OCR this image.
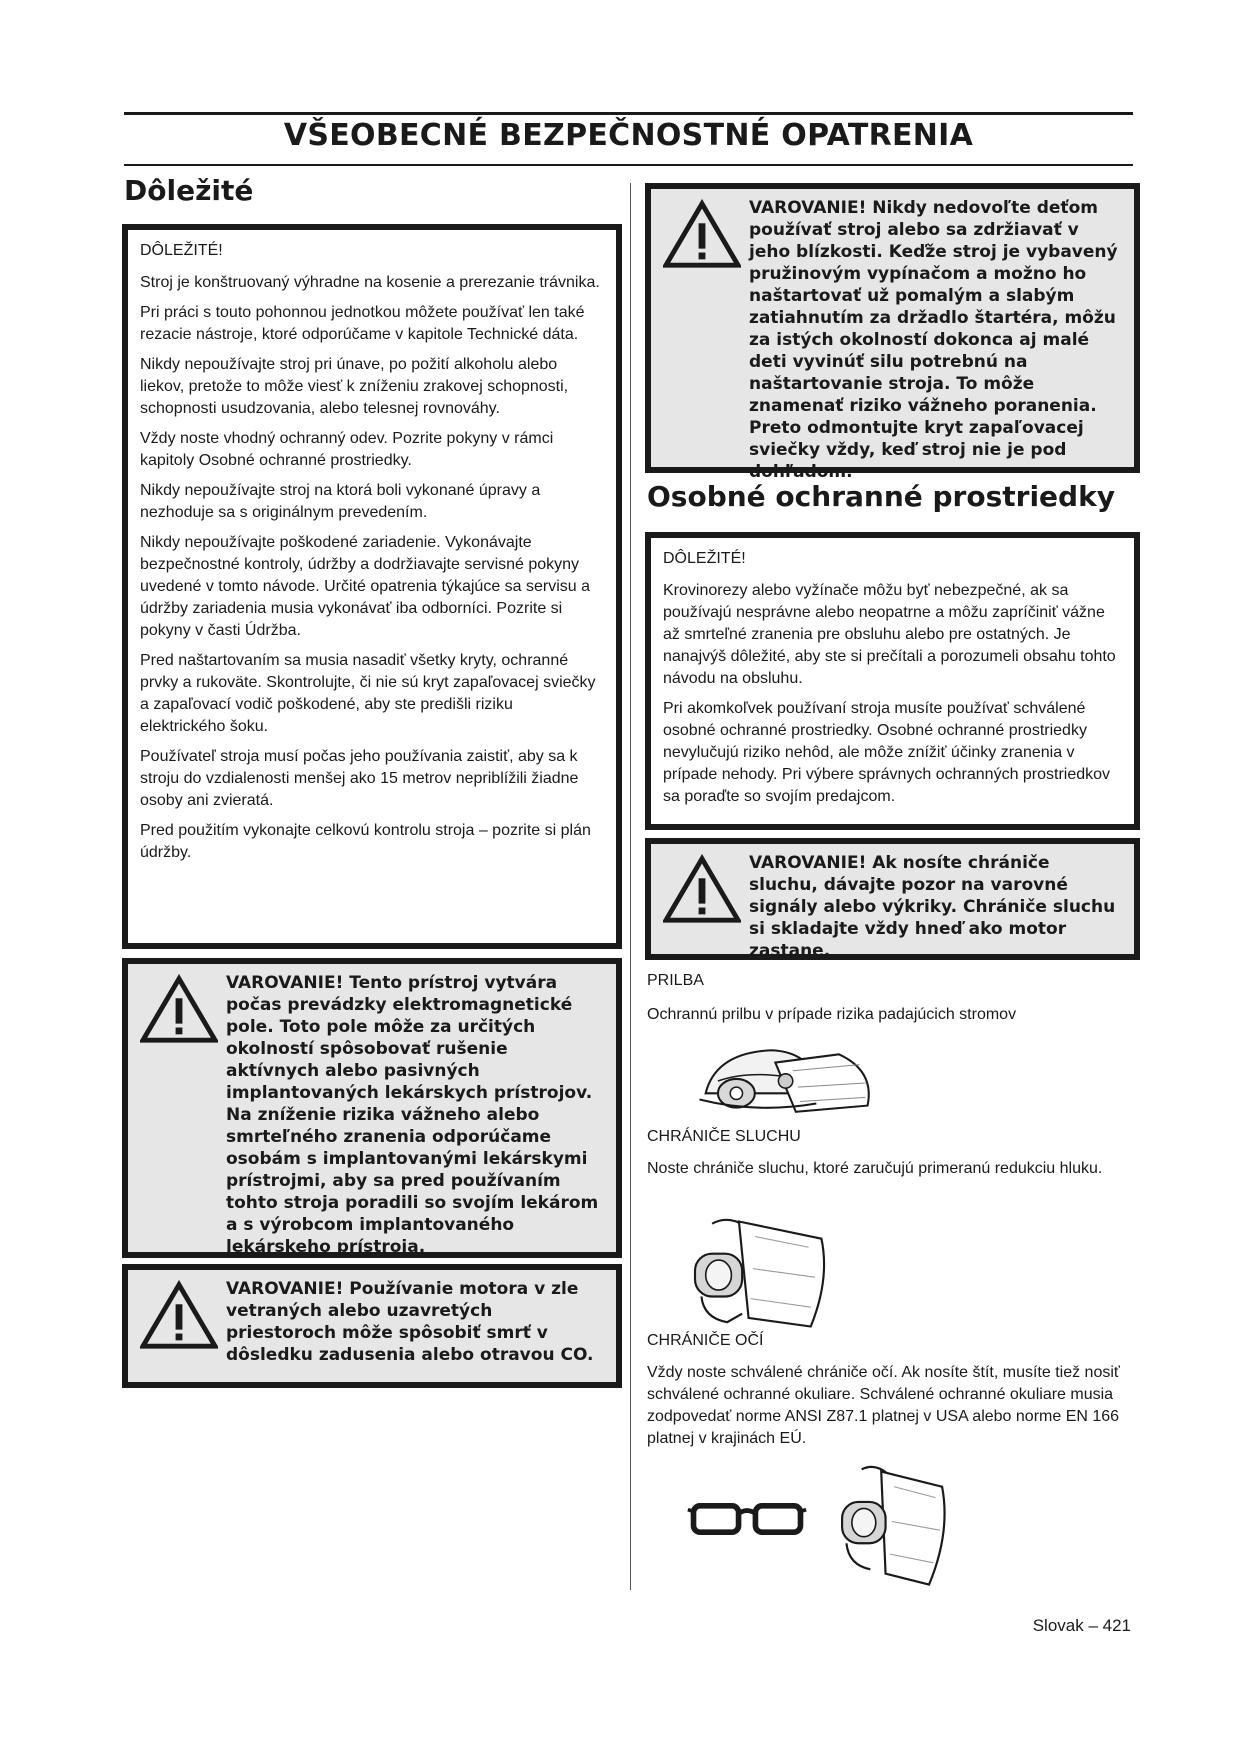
VŠEOBECNÉ BEZPEČNOSTNÉ OPATRENIA
Dôležité

DÔLEŽITÉ!

Stroj je konštruovaný výhradne na kosenie a prerezanie trávnika.

Pri práci s touto pohonnou jednotkou môžete používať len také rezacie nástroje, ktoré odporúčame v kapitole Technické dáta.

Nikdy nepoužívajte stroj pri únave, po požití alkoholu alebo liekov, pretože to môže viesť k zníženiu zrakovej schopnosti, schopnosti usudzovania, alebo telesnej rovnováhy.

Vždy noste vhodný ochranný odev. Pozrite pokyny v rámci kapitoly Osobné ochranné prostriedky.

Nikdy nepoužívajte stroj na ktorá boli vykonané úpravy a nezhoduje sa s originálnym prevedením.

Nikdy nepoužívajte poškodené zariadenie. Vykonávajte bezpečnostné kontroly, údržby a dodržiavajte servisné pokyny uvedené v tomto návode. Určité opatrenia týkajúce sa servisu a údržby zariadenia musia vykonávať iba odborníci. Pozrite si pokyny v časti Údržba.

Pred naštartovaním sa musia nasadiť všetky kryty, ochranné prvky a rukoväte. Skontrolujte, či nie sú kryt zapaľovacej sviečky a zapaľovací vodič poškodené, aby ste predišli riziku elektrického šoku.

Používateľ stroja musí počas jeho používania zaistiť, aby sa k stroju do vzdialenosti menšej ako 15 metrov nepriblížili žiadne osoby ani zvieratá.

Pred použitím vykonajte celkovú kontrolu stroja – pozrite si plán údržby.

VAROVANIE! Tento prístroj vytvára počas prevádzky elektromagnetické pole. Toto pole môže za určitých okolností spôsobovať rušenie aktívnych alebo pasivných implantovaných lekárskych prístrojov. Na zníženie rizika vážneho alebo smrteľného zranenia odporúčame osobám s implantovanými lekárskymi prístrojmi, aby sa pred používaním tohto stroja poradili so svojím lekárom a s výrobcom implantovaného lekárskeho prístroja.
VAROVANIE! Používanie motora v zle vetraných alebo uzavretých priestoroch môže spôsobiť smrť v dôsledku zadusenia alebo otravou CO.
VAROVANIE! Nikdy nedovoľte deťom používať stroj alebo sa zdržiavať v jeho blízkosti. Keďže stroj je vybavený pružinovým vypínačom a možno ho naštartovať už pomalým a slabým zatiahnutím za držadlo štartéra, môžu za istých okolností dokonca aj malé deti vyvinúť silu potrebnú na naštartovanie stroja. To môže znamenať riziko vážneho poranenia. Preto odmontujte kryt zapaľovacej sviečky vždy, keď stroj nie je pod dohľadom.
Osobné ochranné prostriedky

DÔLEŽITÉ!

Krovinorezy alebo vyžínače môžu byť nebezpečné, ak sa používajú nesprávne alebo neopatrne a môžu zapríčiniť vážne až smrteľné zranenia pre obsluhu alebo pre ostatných. Je nanajvýš dôležité, aby ste si prečítali a porozumeli obsahu tohto návodu na obsluhu.

Pri akomkoľvek používaní stroja musíte používať schválené osobné ochranné prostriedky. Osobné ochranné prostriedky nevylučujú riziko nehôd, ale môže znížiť účinky zranenia v prípade nehody. Pri výbere správnych ochranných prostriedkov sa poraďte so svojím predajcom.

VAROVANIE! Ak nosíte chrániče sluchu, dávajte pozor na varovné signály alebo výkriky. Chrániče sluchu si skladajte vždy hneď ako motor zastane.

PRILBA

Ochrannú prilbu v prípade rizika padajúcich stromov

CHRÁNIČE SLUCHU

Noste chrániče sluchu, ktoré zaručujú primeranú redukciu hluku.

CHRÁNIČE OČÍ

Vždy noste schválené chrániče očí. Ak nosíte štít, musíte tiež nosiť schválené ochranné okuliare. Schválené ochranné okuliare musia zodpovedať norme ANSI Z87.1 platnej v USA alebo norme EN 166 platnej v krajinách EÚ.

Slovak – 421
